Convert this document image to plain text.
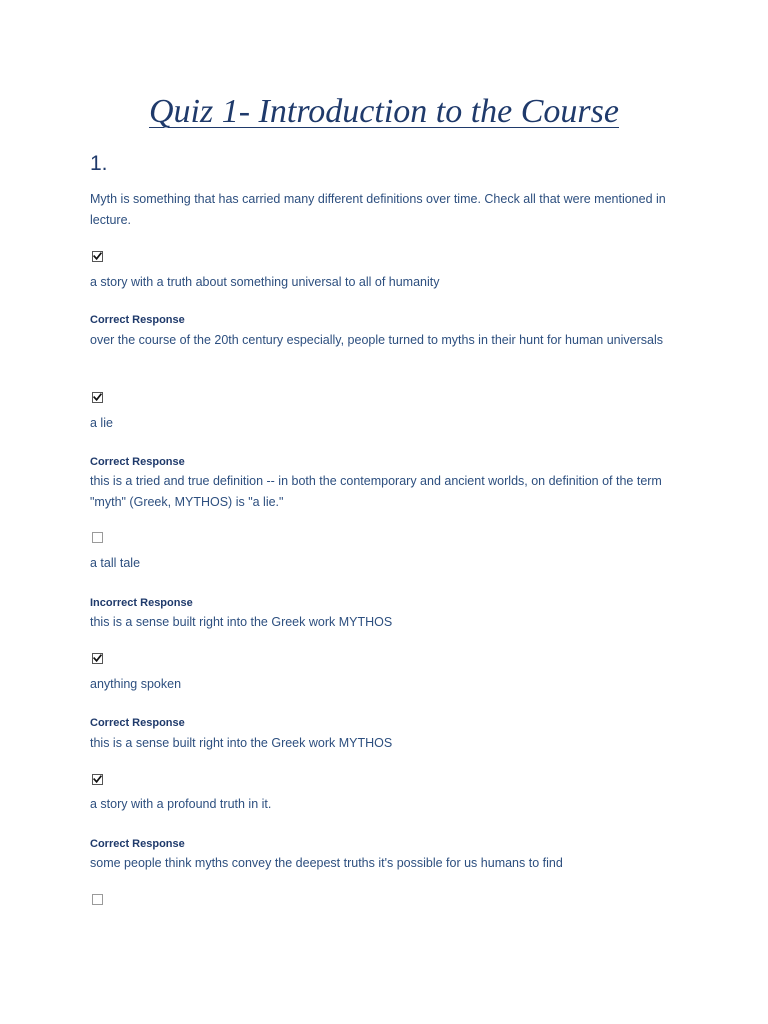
Quiz 1- Introduction to the Course
1.
Myth is something that has carried many different definitions over time. Check all that were mentioned in lecture.
a story with a truth about something universal to all of humanity
Correct Response
over the course of the 20th century especially, people turned to myths in their hunt for human universals
a lie
Correct Response
this is a tried and true definition -- in both the contemporary and ancient worlds, on definition of the term "myth" (Greek, MYTHOS) is "a lie."
a tall tale
Incorrect Response
this is a sense built right into the Greek work MYTHOS
anything spoken
Correct Response
this is a sense built right into the Greek work MYTHOS
a story with a profound truth in it.
Correct Response
some people think myths convey the deepest truths it's possible for us humans to find
